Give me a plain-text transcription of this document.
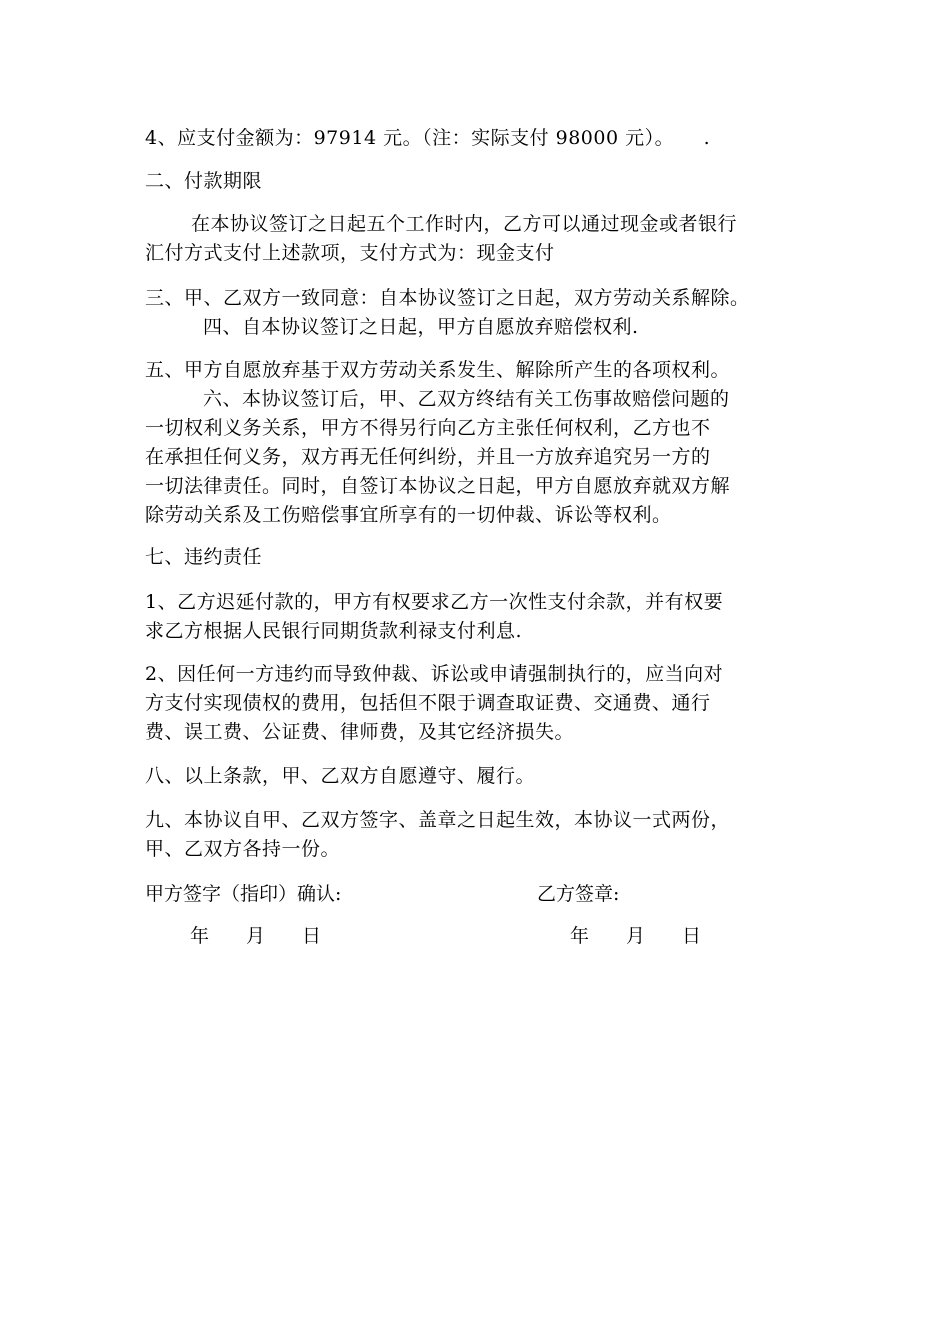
4、应支付金额为：97914 元。（注：实际支付 98000 元）。　　.
二、付款期限
在本协议签订之日起五个工作时内，乙方可以通过现金或者银行
汇付方式支付上述款项，支付方式为：现金支付
三、甲、乙双方一致同意：自本协议签订之日起，双方劳动关系解除。
四、自本协议签订之日起，甲方自愿放弃赔偿权利.
五、甲方自愿放弃基于双方劳动关系发生、解除所产生的各项权利。
六、本协议签订后，甲、乙双方终结有关工伤事故赔偿问题的
一切权利义务关系，甲方不得另行向乙方主张任何权利，乙方也不
在承担任何义务，双方再无任何纠纷，并且一方放弃追究另一方的
一切法律责任。同时，自签订本协议之日起，甲方自愿放弃就双方解
除劳动关系及工伤赔偿事宜所享有的一切仲裁、诉讼等权利。
七、违约责任
1、乙方迟延付款的，甲方有权要求乙方一次性支付余款，并有权要
求乙方根据人民银行同期货款利禄支付利息.
2、因任何一方违约而导致仲裁、诉讼或申请强制执行的，应当向对
方支付实现债权的费用，包括但不限于调查取证费、交通费、通行
费、误工费、公证费、律师费，及其它经济损失。
八、以上条款，甲、乙双方自愿遵守、履行。
九、本协议自甲、乙双方签字、盖章之日起生效，本协议一式两份，
甲、乙双方各持一份。
甲方签字（指印）确认:	乙方签章:
年 月 日	年 月 日
